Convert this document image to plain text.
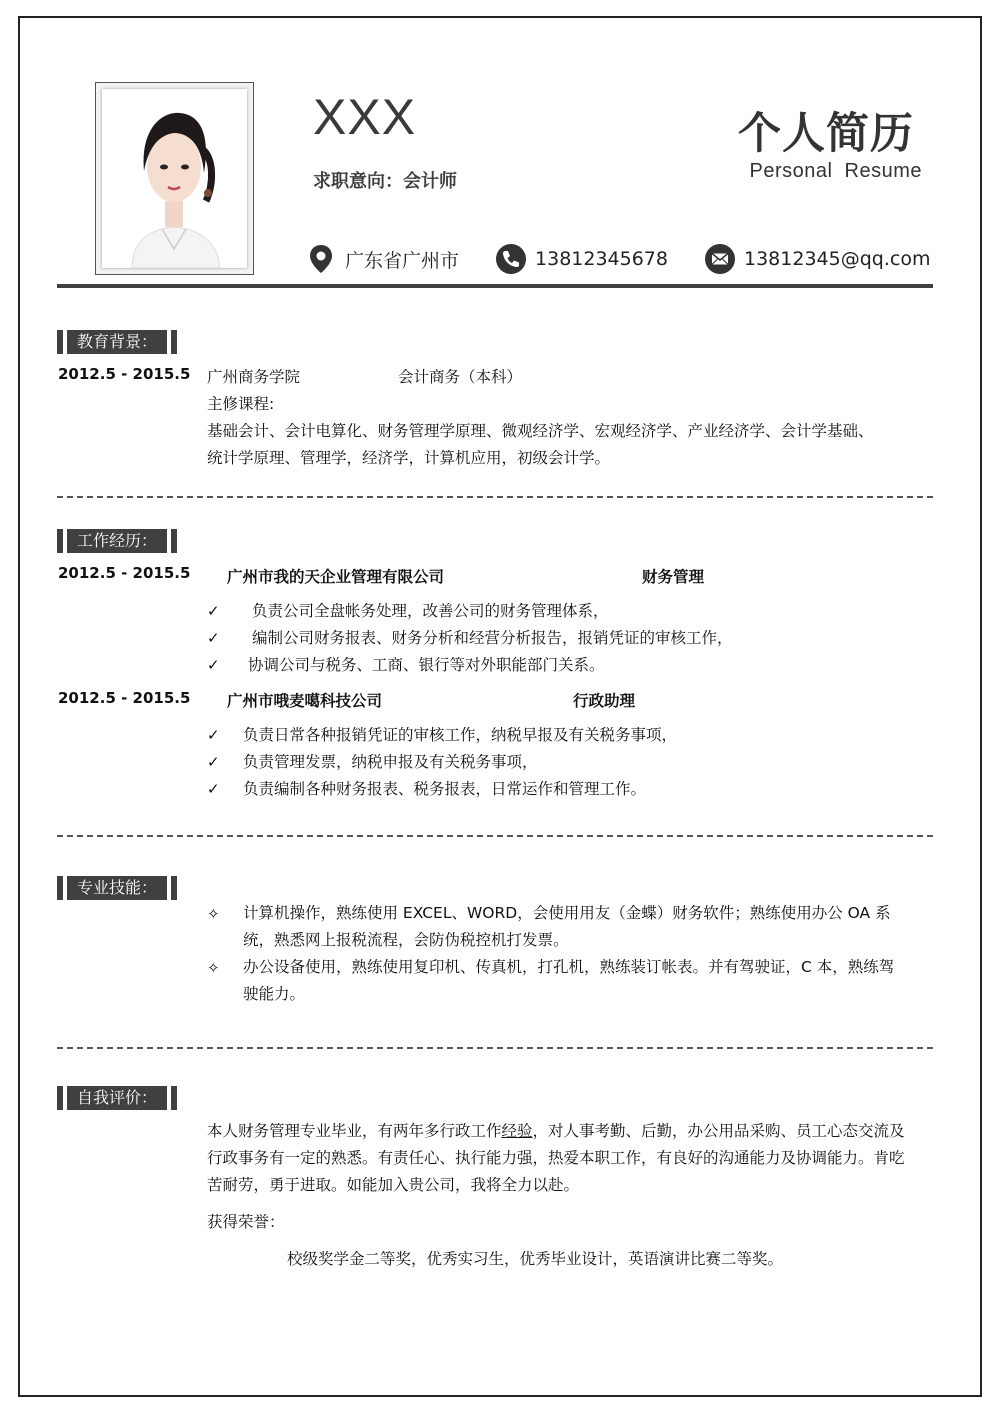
XXX
求职意向：会计师
个人简历
Personal Resume
广东省广州市	13812345678	13812345@qq.com
教育背景：
2012.5 - 2015.5 广州商务学院	会计商务（本科）
主修课程:
基础会计、会计电算化、财务管理学原理、微观经济学、宏观经济学、产业经济学、会计学基础、
统计学原理、管理学，经济学，计算机应用，初级会计学。
工作经历：
2012.5 - 2015.5 广州市我的天企业管理有限公司	财务管理
✓ 负责公司全盘帐务处理，改善公司的财务管理体系，
✓ 编制公司财务报表、财务分析和经营分析报告，报销凭证的审核工作，
✓ 协调公司与税务、工商、银行等对外职能部门关系。
2012.5 - 2015.5 广州市哦麦噶科技公司	行政助理
✓ 负责日常各种报销凭证的审核工作，纳税早报及有关税务事项，
✓ 负责管理发票，纳税申报及有关税务事项，
✓ 负责编制各种财务报表、税务报表，日常运作和管理工作。
专业技能：
✧ 计算机操作，熟练使用 EXCEL、WORD，会使用用友（金蝶）财务软件；熟练使用办公 OA 系统，熟悉网上报税流程，会防伪税控机打发票。
✧ 办公设备使用，熟练使用复印机、传真机，打孔机，熟练装订帐表。并有驾驶证，C 本，熟练驾驶能力。
自我评价：
本人财务管理专业毕业，有两年多行政工作经验，对人事考勤、后勤，办公用品采购、员工心态交流及行政事务有一定的熟悉。有责任心、执行能力强，热爱本职工作，有良好的沟通能力及协调能力。肯吃苦耐劳，勇于进取。如能加入贵公司，我将全力以赴。
获得荣誉：
校级奖学金二等奖，优秀实习生，优秀毕业设计，英语演讲比赛二等奖。
